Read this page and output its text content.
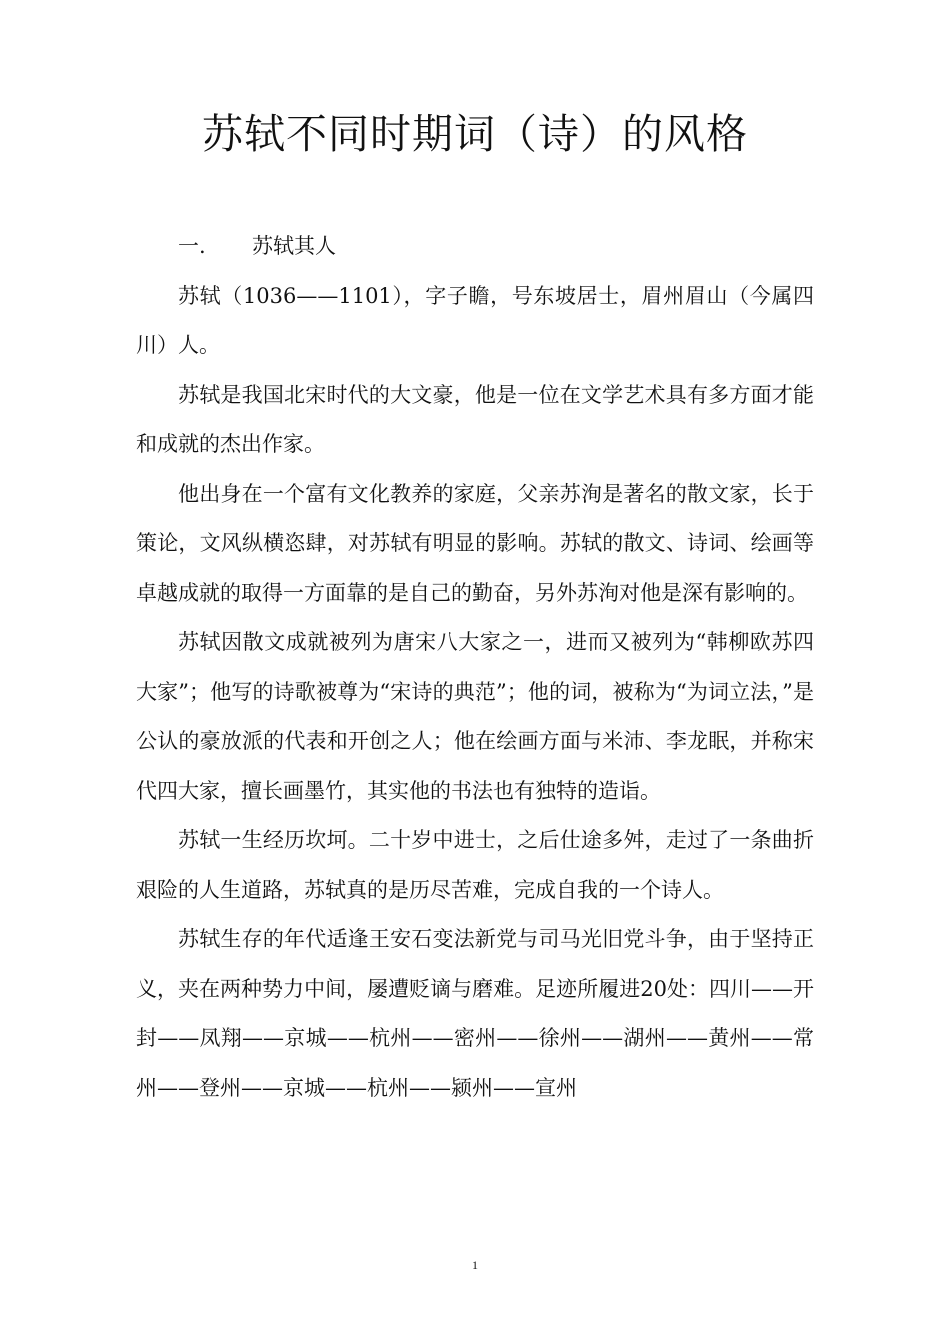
苏轼不同时期词（诗）的风格

一.	苏轼其人

苏轼（1036——1101），字子瞻，号东坡居士，眉州眉山（今属四川）人。

苏轼是我国北宋时代的大文豪，他是一位在文学艺术具有多方面才能和成就的杰出作家。

他出身在一个富有文化教养的家庭，父亲苏洵是著名的散文家，长于策论，文风纵横恣肆，对苏轼有明显的影响。苏轼的散文、诗词、绘画等卓越成就的取得一方面靠的是自己的勤奋，另外苏洵对他是深有影响的。

苏轼因散文成就被列为唐宋八大家之一，进而又被列为“韩柳欧苏四大家”；他写的诗歌被尊为“宋诗的典范”；他的词，被称为“为词立法，”是公认的豪放派的代表和开创之人；他在绘画方面与米沛、李龙眠，并称宋代四大家，擅长画墨竹，其实他的书法也有独特的造诣。

苏轼一生经历坎坷。二十岁中进士，之后仕途多舛，走过了一条曲折艰险的人生道路，苏轼真的是历尽苦难，完成自我的一个诗人。

苏轼生存的年代适逢王安石变法新党与司马光旧党斗争，由于坚持正义，夹在两种势力中间，屡遭贬谪与磨难。足迹所履进20处：四川——开封——凤翔——京城——杭州——密州——徐州——湖州——黄州——常州——登州——京城——杭州——颍州——宣州

1
